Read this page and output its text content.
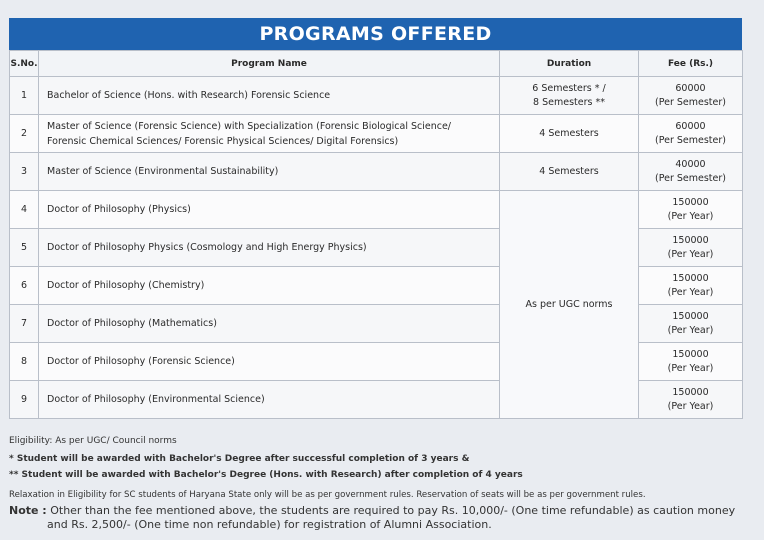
PROGRAMS OFFERED
S.No.	Program Name	Duration	Fee (Rs.)
1	Bachelor of Science (Hons. with Research) Forensic Science	6 Semesters * /
8 Semesters **	60000
(Per Semester)

2	Master of Science (Forensic Science) with Specialization (Forensic Biological Science/
Forensic Chemical Sciences/ Forensic Physical Sciences/ Digital Forensics)	4 Semesters	60000
(Per Semester)

3	Master of Science (Environmental Sustainability)	4 Semesters	40000
(Per Semester)

4	Doctor of Philosophy (Physics)	As per UGC norms	150000
(Per Year)

5	Doctor of Philosophy Physics (Cosmology and High Energy Physics)		150000
(Per Year)

6	Doctor of Philosophy (Chemistry)		150000
(Per Year)

7	Doctor of Philosophy (Mathematics)		150000
(Per Year)

8	Doctor of Philosophy (Forensic Science)		150000
(Per Year)

9	Doctor of Philosophy (Environmental Science)		150000
(Per Year)
Eligibility: As per UGC/ Council norms
* Student will be awarded with Bachelor's Degree after successful completion of 3 years &
** Student will be awarded with Bachelor's Degree (Hons. with Research) after completion of 4 years
Relaxation in Eligibility for SC students of Haryana State only will be as per government rules. Reservation of seats will be as per government rules.
Note : Other than the fee mentioned above, the students are required to pay Rs. 10,000/- (One time refundable) as caution money
and Rs. 2,500/- (One time non refundable) for registration of Alumni Association.
